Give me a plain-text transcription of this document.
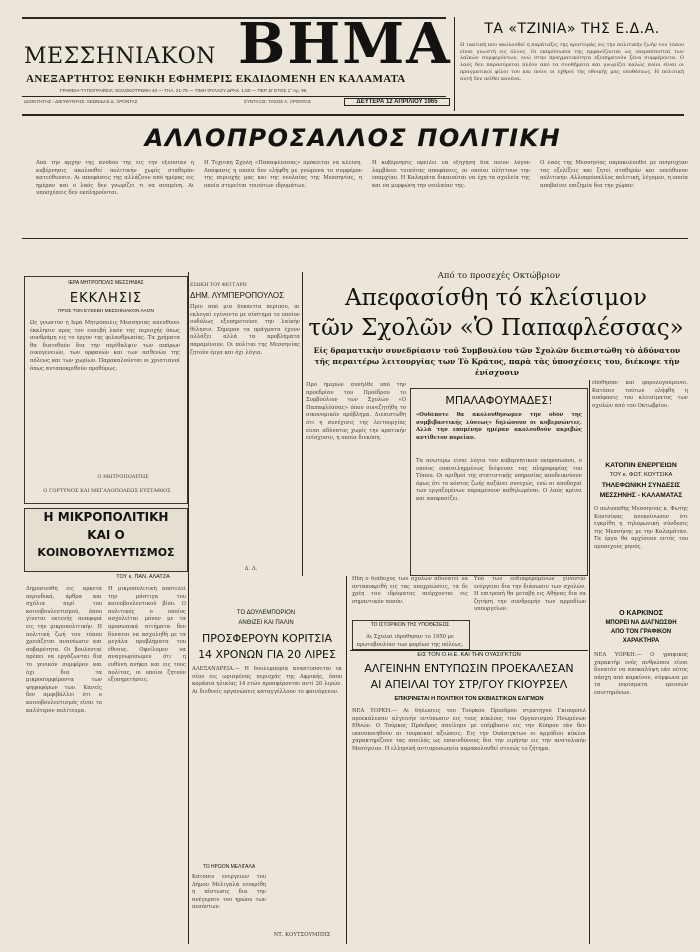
ΜΕΣΣΗΝΙΑΚΟΝ ΒΗΜΑ
ΑΝΕΞΑΡΤΗΤΟΣ ΕΘΝΙΚΗ ΕΦΗΜΕΡΙΣ ΕΚΔΙΔΟΜΕΝΗ ΕΝ ΚΑΛΑΜΑΤΑ
ΓΡΑΦΕΙΑ-ΤΥΠΟΓΡΑΦΕΙΑ: ΚΟΛΟΚΟΤΡΩΝΗ 40 — ΤΗΛ. 21-75 — ΤΙΜΗ ΦΥΛΛΟΥ ΔΡΑΧ. 1,50 — ΠΕΡ. Β' ΕΤΟΣ 1° Αρ. 96
ΙΔΙΟΚΤΗΤΗΣ - ΔΙΕΥΘΥΝΤΗΣ: ΛΕΩΝΙΔΑΣ Δ. ΞΡΟΝΤΑΣ	ΣΥΝΤΑΞΙΣ: ΤΑΣΟΣ Λ. ΞΡΟΝΤΑΣ	ΔΕΥΤΕΡΑ 12 ΑΠΡΙΛΙΟΥ 1965
ΤΑ «ΤΖΙΝΙΑ» ΤΗΣ Ε.Δ.Α.
Η τακτική που ακολουθεί η παράταξις της αριστεράς εις την πολιτικήν ζωήν του τόπου είναι γνωστή εις όλους. Οι εκπρόσωποί της εμφανίζονται ως υπερασπισταί των λαϊκών συμφερόντων, ενώ στην πραγματικότητα εξυπηρετούν ξένα συμφέροντα. Ο λαός δεν παρασύρεται πλέον από τα συνθήματα και γνωρίζει καλώς ποίοι είναι οι πραγματικοί φίλοι του και ποίοι οι εχθροί της εθνικής μας υποθέσεως. Η πολιτική αυτή δεν πείθει κανένα.
ΑΛΛΟΠΡΟΣΑΛΛΟΣ ΠΟΛΙΤΙΚΗ
Από την αρχήν της ανόδου της εις την εξουσίαν η κυβέρνησις ακολουθεί πολιτικήν χωρίς σταθεράν κατεύθυνσιν. Αι αποφάσεις της αλλάζουν από ημέρας εις ημέραν και ο λαός δεν γνωρίζει τι να αναμένη. Αι υποσχέσεις δεν εκπληρούνται.
Η Τεχνική Σχολή «Παπαφλέσσας» πρόκειται να κλείση. Απόφασις η οποία δεν ελήφθη με γνώμονα το συμφέρον της περιοχής μας και της νεολαίας της Μεσσηνίας, η οποία στερείται τοιούτων ιδρυμάτων.
Η κυβέρνησις οφείλει να εξηγήση δια ποίον λόγον λαμβάνει τοιαύτας αποφάσεις, αι οποίαι πλήττουν την επαρχίαν. Η Καλαμάτα δικαιούται να έχη τα σχολεία της και να μορφώνη την νεολαίαν της.
Ο λαός της Μεσσηνίας παρακολουθεί με ανησυχίαν τας εξελίξεις και ζητεί σταθεράν και υπεύθυνον πολιτικήν. Αλλοπρόσαλλος πολιτική, λέγομεν, η οποία αποβαίνει επιζημία δια την χώραν.
ΙΕΡΑ ΜΗΤΡΟΠΟΛΙΣ ΜΕΣΣΗΝΙΑΣ
ΕΚΚΛΗΣΙΣ
ΠΡΟΣ ΤΟΝ ΕΥΣΕΒΗ ΜΕΣΣΗΝΙΑΚΟΝ ΛΑΟΝ
Ως γνωστόν η Ιερά Μητρόπολις Μεσσηνίας απευθύνει έκκλησιν προς τον ευσεβή λαόν της περιοχής όπως συνδράμη εις το έργον της φιλανθρωπίας. Τα χρήματα θα διατεθούν δια την περίθαλψιν των απόρων οικογενειών, των ορφανών και των ασθενών της πόλεως και των χωρίων. Παρακαλούνται οι χριστιανοί όπως ανταποκριθούν προθύμως.
Ο ΜΗΤΡΟΠΟΛΙΤΗΣ
Ο ΓΟΡΤΥΝΟΣ ΚΑΙ ΜΕΓΑΛΟΠΟΛΕΩΣ ΕΥΣΤΑΘΙΟΣ
ΕΙΔΙΚΗ ΤΟΥ ΦΕΓΓΑΡΗ
ΔΗΜ. ΛΥΜΠΕΡΟΠΟΥΛΟΣ
Πρίν από μια δεκαετία περίπου, αι εκλογαί εγένοντο με σύστημα το οποίον ουδόλως εξυπηρετούσε την λαϊκήν θέλησιν. Σήμερον τα πράγματα έχουν αλλάξει αλλά τα προβλήματα παραμένουν. Οι πολίται της Μεσσηνίας ζητούν έργα και όχι λόγια.
Δ. Λ.
Από το προσεχές Οκτώβριον
Απεφασίσθη τό κλείσιμον
τῶν Σχολῶν «Ὁ Παπαφλέσσας»
Εἰς δραματικὴν συνεδρίασιν τοῦ Συμβουλίου τῶν Σχολῶν διεπιστώθη τὸ ἀδύνατον τῆς περαιτέρω λειτουργίας των Τὸ Κράτος, παρὰ τὰς ὑποσχέσεις του, διέκοψε τὴν ἐνίσχυσιν
Πρό ημερών συνήλθε υπό την προεδρίαν του Προέδρου το Συμβούλιον των Σχολών «Ο Παπαφλέσσας» όπου συνεζητήθη το οικονομικόν πρόβλημα. Διεπιστώθη ότι η συνέχισις της λειτουργίας είναι αδύνατος χωρίς την κρατικήν ενίσχυσιν, η οποία διεκόπη.
ἐδόθησαν καί φορολογούμενοι. Κατόπιν τούτων ελήφθη η απόφασις του κλεισίματος των σχολών από του Οκτωβρίου.
ΜΠΑΛΑΦΟΥΜΑΔΕΣ!
«Ουδέποτε θα ακολουθήσωμεν την οδόν της συμβιβαστικής λύσεως» δηλώνουν οι κυβερνώντες. Αλλά την επομένην ημέραν ακολουθούν ακριβώς αντίθετον πορείαν.
Τα ανωτέρω είναι λόγια του κυβερνητικού εκπροσώπου, ο οποίος επανειλημμένως διέψευσε τας πληροφορίας του Τύπου. Οι αριθμοί της στατιστικής υπηρεσίας αποδεικνύουν όμως ότι το κόστος ζωής αυξάνει συνεχώς, ενώ αι αποδοχαί των εργαζομένων παραμένουν καθηλωμέναι. Ο λαός κρίνει και αποφασίζει.
Ηδη ο διάδοχος των σχολών αδυνατεί να ανταποκριθή εις τας υποχρεώσεις, τα δε χρέη του ιδρύματος ανέρχονται εις σημαντικόν ποσόν.
ΤΟ ΙΣΤΟΡΙΚΟΝ ΤΗΣ ΥΠΟΘΕΣΕΩΣ
Αι Σχολαί ιδρύθησαν το 1950 με πρωτοβουλίαν των φορέων της πόλεως.
Υπό των ενδιαφερομένων γίνονται ενέργειαι δια την διάσωσιν των σχολών. Η επιτροπή θα μεταβή εις Αθήνας δια να ζητήση την συνδρομήν των αρμοδίων υπουργείων.
ΚΑΤΟΠΙΝ ΕΝΕΡΓΕΙΩΝ
ΤΟΥ κ. ΦΩΤ. ΚΟΥΤΣΙΚΑ
ΤΗΛΕΦΩΝΙΚΗ ΣΥΝΔΕΣΙΣ
ΜΕΣΣΗΝΗΣ - ΚΑΛΑΜΑΤΑΣ
Ο πολυπαθής Μεσσηνίας κ. Φώτης Κουτσίκας ανεκοίνωσεν ότι εγκρίθη η τηλεφωνική σύνδεσις της Μεσσήνης με την Καλαμάταν. Τα έργα θα αρχίσουν εντός του προσεχούς μηνός.
Ο ΚΑΡΚΙΝΟΣ
ΜΠΟΡΕΙ ΝΑ ΔΙΑΓΝΩΣΘΗ
ΑΠΟ ΤΟΝ ΓΡΑΦΙΚΟΝ
ΧΑΡΑΚΤΗΡΑ
ΝΕΑ ΥΟΡΚΗ.— Ο γραφικός χαρακτήρ ενός ανθρώπου είναι δυνατόν να αποκαλύψη εάν ούτος πάσχη από καρκίνον, σύμφωνα με τα πορίσματα ερευνών επιστημόνων.
Η ΜΙΚΡΟΠΟΛΙΤΙΚΗ
ΚΑΙ Ο
ΚΟΙΝΟΒΟΥΛΕΥΤΙΣΜΟΣ
ΤΟΥ κ. ΠΑΝ. ΑΛΑΤΖΑ
Δημοσιεύθη εις αρκετά περιοδικά, άρθρα και σχόλια περί του κοινοβουλευτισμού, όπου γίνεται εκτενής αναφορά εις την μικροπολιτικήν. Η πολιτική ζωή του τόπου χρειάζεται ανανέωσιν και σοβαρότητα. Οι βουλευταί πρέπει να εργάζωνται δια το γενικόν συμφέρον και όχι δια τα μικροσυμφέροντα των ψηφοφόρων των. Κανείς δεν αμφιβάλλει ότι ο κοινοβουλευτισμός είναι το καλύτερον πολίτευμα.
Η μικροπολιτική αποτελεί την μάστιγα του κοινοβουλευτικού βίου. Ο πολιτικός ο οποίος ασχολείται μόνον με τα προσωπικά αιτήματα δεν δύναται να ασχοληθή με τα μεγάλα προβλήματα του έθνους. Οφείλομεν να αναγνωρίσωμεν ότι η ευθύνη ανήκει και εις τους πολίτας, οι οποίοι ζητούν εξυπηρετήσεις.
ΤΟ ΔΟΥΛΕΜΠΟΡΙΟΝ
ΑΝΘΙΖΕΙ ΚΑΙ ΠΑΛΙΝ
ΠΡΟΣΦΕΡΟΥΝ ΚΟΡΙΤΣΙΑ
14 ΧΡΟΝΩΝ ΓΙΑ 20 ΛΙΡΕΣ
ΑΛΕΞΑΝΔΡΕΙΑ.— Η δουλεμπορία αναπτύσσεται εκ νέου εις ωρισμένας περιοχάς της Αφρικής, όπου κοράσια ηλικίας 14 ετών προσφέρονται αντί 20 λιρών. Αι διεθνείς οργανώσεις καταγγέλλουν το φαινόμενον.
ΝΤ. ΚΟΥΤΣΟΥΜΠΗΣ
ΤΟ ΗΡΩΟΝ ΜΕΛΙΓΑΛΑ
Κατόπιν ενεργειών του Δήμου Μελιγαλά ενεκρίθη η πίστωσις δια την ανέγερσιν του ηρώου των πεσόντων.
ΕΙΣ ΤΟΝ Ο.Η.Ε. ΚΑΙ ΤΗΝ ΟΥΑΣΙΓΚΤΩΝ
ΑΛΓΕΙΝΗΝ ΕΝΤΥΠΩΣΙΝ ΠΡΟΕΚΑΛΕΣΑΝ
ΑΙ ΑΠΕΙΛΑΙ ΤΟΥ ΣΤΡ/ΓΟΥ ΓΚΙΟΥΡΣΕΛ
ΕΠΙΚΡΙΝΕΤΑΙ Η ΠΟΛΙΤΙΚΗ ΤΟΝ ΕΚΒΙΑΣΤΙΚΩΝ ΕΛΙΓΜΩΝ
ΝΕΑ ΥΟΡΚΗ.— Αι δηλώσεις του Τούρκου Προέδρου στρατηγού Γκιουρσέλ προεκάλεσαν αλγεινήν εντύπωσιν εις τους κύκλους του Οργανισμού Ηνωμένων Εθνών. Ο Τούρκος Πρόεδρος απείλησε με επέμβασιν εις την Κύπρον εάν δεν ικανοποιηθούν αι τουρκικαί αξιώσεις. Εις την Ουάσιγκτων οι αρμόδιοι κύκλοι χαρακτηρίζουν τας απειλάς ως επικινδύνους δια την ειρήνην εις την ανατολικήν Μεσόγειον. Η ελληνική αντιπροσωπεία παρακολουθεί στενώς το ζήτημα.
